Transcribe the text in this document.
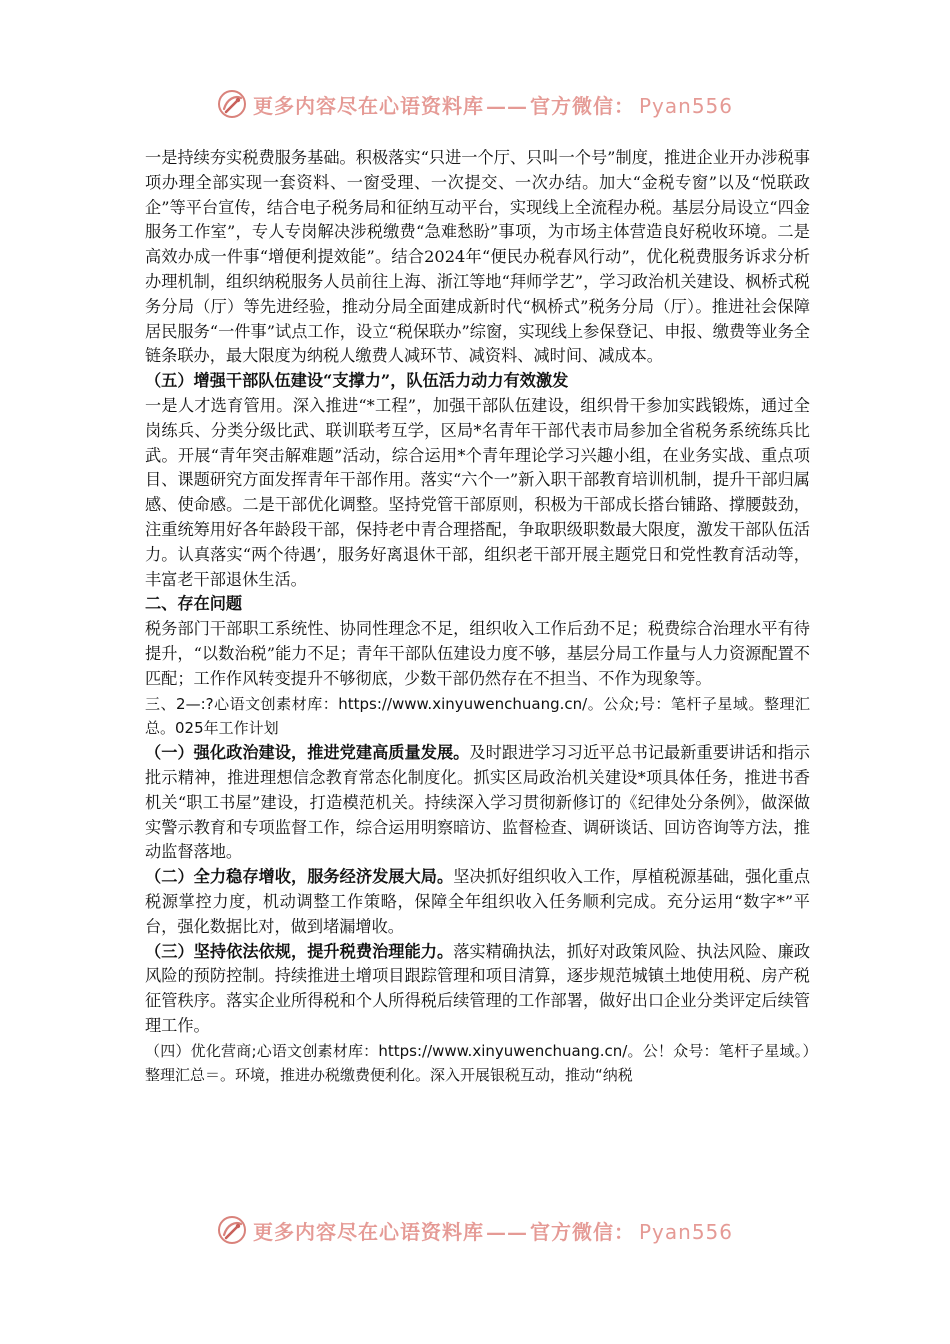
更多内容尽在心语资料库 —— 官方微信： Pyan556

一是持续夯实税费服务基础。积极落实“只进一个厅、只叫一个号”制度，推进企业开办涉税事项办理全部实现一套资料、一窗受理、一次提交、一次办结。加大“金税专窗”以及“悦联政企”等平台宣传，结合电子税务局和征纳互动平台，实现线上全流程办税。基层分局设立“四金服务工作室”，专人专岗解决涉税缴费“急难愁盼”事项，为市场主体营造良好税收环境。二是高效办成一件事“增便利提效能”。结合2024年“便民办税春风行动”，优化税费服务诉求分析办理机制，组织纳税服务人员前往上海、浙江等地“拜师学艺”，学习政治机关建设、枫桥式税务分局（厅）等先进经验，推动分局全面建成新时代“枫桥式”税务分局（厅）。推进社会保障居民服务“一件事”试点工作，设立“税保联办”综窗，实现线上参保登记、申报、缴费等业务全链条联办，最大限度为纳税人缴费人减环节、减资料、减时间、减成本。

（五）增强干部队伍建设“支撑力”，队伍活力动力有效激发

一是人才选育管用。深入推进“*工程”，加强干部队伍建设，组织骨干参加实践锻炼，通过全岗练兵、分类分级比武、联训联考互学，区局*名青年干部代表市局参加全省税务系统练兵比武。开展“青年突击解难题”活动，综合运用*个青年理论学习兴趣小组，在业务实战、重点项目、课题研究方面发挥青年干部作用。落实“六个一”新入职干部教育培训机制，提升干部归属感、使命感。二是干部优化调整。坚持党管干部原则，积极为干部成长搭台铺路、撑腰鼓劲，注重统筹用好各年龄段干部，保持老中青合理搭配，争取职级职数最大限度，激发干部队伍活力。认真落实“两个待遇’，服务好离退休干部，组织老干部开展主题党日和党性教育活动等，丰富老干部退休生活。

二、存在问题

税务部门干部职工系统性、协同性理念不足，组织收入工作后劲不足；税费综合治理水平有待提升，“以数治税”能力不足；青年干部队伍建设力度不够，基层分局工作量与人力资源配置不匹配；工作作风转变提升不够彻底，少数干部仍然存在不担当、不作为现象等。

三、2—:?心语文创素材库：https://www.xinyuwenchuang.cn/。公众;号：笔杆子星域。整理汇总。025年工作计划

（一）强化政治建设，推进党建高质量发展。及时跟进学习习近平总书记最新重要讲话和指示批示精神，推进理想信念教育常态化制度化。抓实区局政治机关建设*项具体任务，推进书香机关“职工书屋”建设，打造模范机关。持续深入学习贯彻新修订的《纪律处分条例》，做深做实警示教育和专项监督工作，综合运用明察暗访、监督检查、调研谈话、回访咨询等方法，推动监督落地。

（二）全力稳存增收，服务经济发展大局。坚决抓好组织收入工作，厚植税源基础，强化重点税源掌控力度，机动调整工作策略，保障全年组织收入任务顺利完成。充分运用“数字*”平台，强化数据比对，做到堵漏增收。

（三）坚持依法依规，提升税费治理能力。落实精确执法，抓好对政策风险、执法风险、廉政风险的预防控制。持续推进土增项目跟踪管理和项目清算，逐步规范城镇土地使用税、房产税征管秩序。落实企业所得税和个人所得税后续管理的工作部署，做好出口企业分类评定后续管理工作。

（四）优化营商;心语文创素材库：https://www.xinyuwenchuang.cn/。公！众号：笔杆子星域。）整理汇总＝。环境，推进办税缴费便利化。深入开展银税互动，推动“纳税

更多内容尽在心语资料库 —— 官方微信： Pyan556
